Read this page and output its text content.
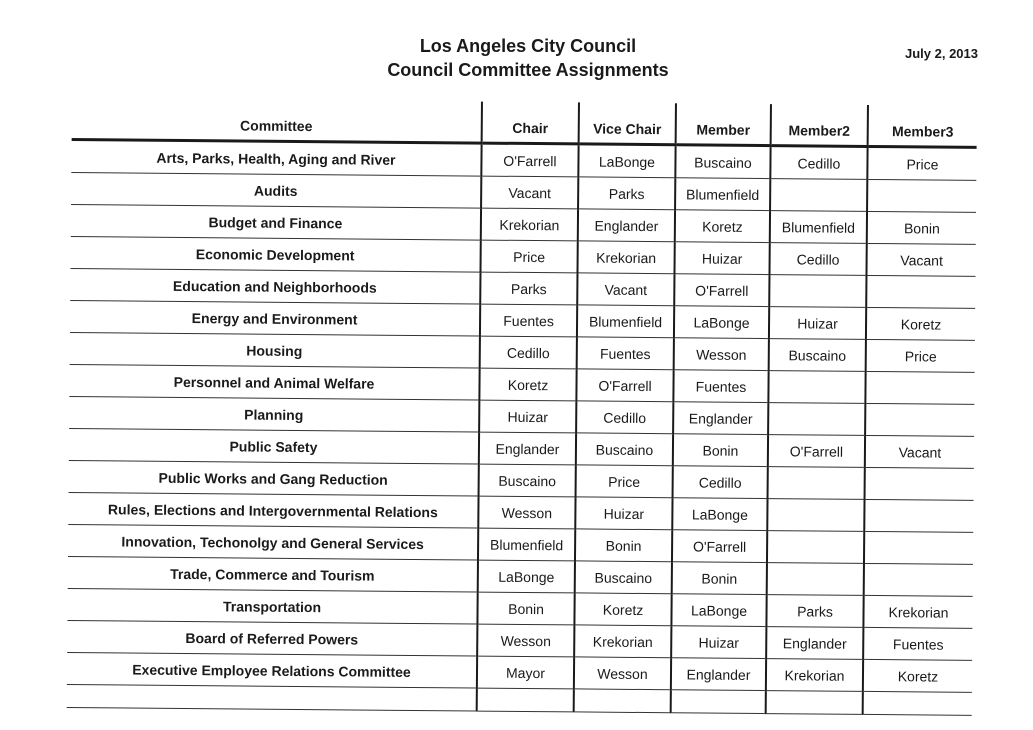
Los Angeles City Council
Council Committee Assignments
July 2, 2013
Committee	Chair	Vice Chair	Member	Member2	Member3
Arts, Parks, Health, Aging and River	O'Farrell	LaBonge	Buscaino	Cedillo	Price
Audits	Vacant	Parks	Blumenfield		
Budget and Finance	Krekorian	Englander	Koretz	Blumenfield	Bonin
Economic Development	Price	Krekorian	Huizar	Cedillo	Vacant
Education and Neighborhoods	Parks	Vacant	O'Farrell		
Energy and Environment	Fuentes	Blumenfield	LaBonge	Huizar	Koretz
Housing	Cedillo	Fuentes	Wesson	Buscaino	Price
Personnel and Animal Welfare	Koretz	O'Farrell	Fuentes		
Planning	Huizar	Cedillo	Englander		
Public Safety	Englander	Buscaino	Bonin	O'Farrell	Vacant
Public Works and Gang Reduction	Buscaino	Price	Cedillo		
Rules, Elections and Intergovernmental Relations	Wesson	Huizar	LaBonge		
Innovation, Techonolgy and General Services	Blumenfield	Bonin	O'Farrell		
Trade, Commerce and Tourism	LaBonge	Buscaino	Bonin		
Transportation	Bonin	Koretz	LaBonge	Parks	Krekorian
Board of Referred Powers	Wesson	Krekorian	Huizar	Englander	Fuentes
Executive Employee Relations Committee	Mayor	Wesson	Englander	Krekorian	Koretz
